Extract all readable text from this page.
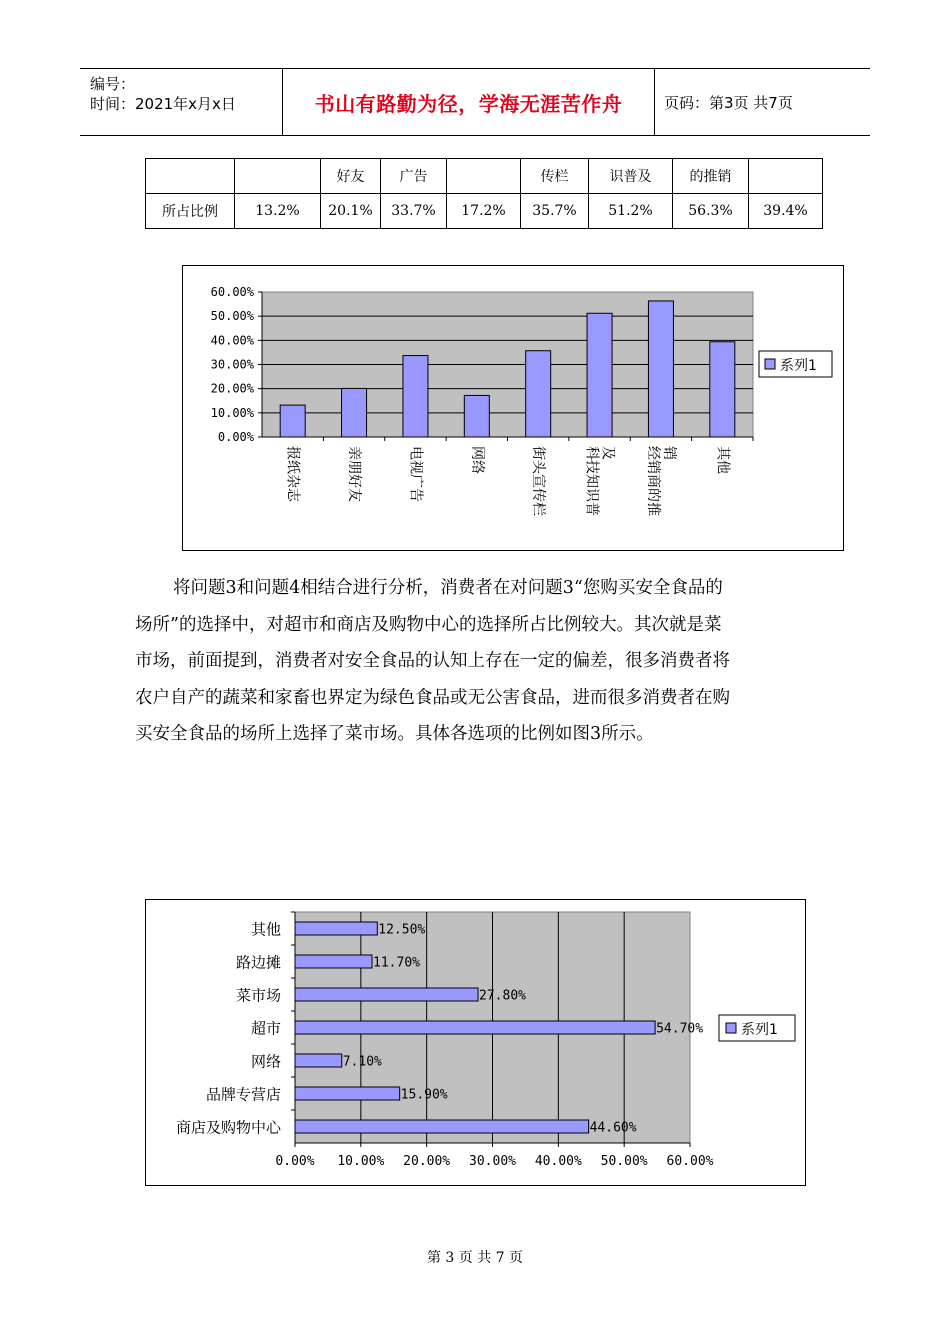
编号：
时间：2021年x月x日	书山有路勤为径，学海无涯苦作舟	页码：第3页 共7页
		好友	广告		传栏	识普及	的推销	
所占比例	13.2%	20.1%	33.7%	17.2%	35.7%	51.2%	56.3%	39.4%
0.00%
10.00%
20.00%
30.00%
40.00%
50.00%
60.00%
报纸杂志	亲朋好友	电视广告	网络	街头宣传栏	科技知识普 及 经销商的推 销	其他
系列1
将问题3和问题4相结合进行分析，消费者在对问题3“您购买安全食品的
场所”的选择中，对超市和商店及购物中心的选择所占比例较大。其次就是菜
市场，前面提到，消费者对安全食品的认知上存在一定的偏差，很多消费者将
农户自产的蔬菜和家畜也界定为绿色食品或无公害食品，进而很多消费者在购
买安全食品的场所上选择了菜市场。具体各选项的比例如图3所示。
0.00% 10.00% 20.00% 30.00% 40.00% 50.00% 60.00%
44.60%
商店及购物中心
15.90%
品牌专营店
7.10%
网络
54.70%
超市
27.80%
菜市场
11.70%
路边摊
12.50%
其他
系列1
第 3 页 共 7 页
